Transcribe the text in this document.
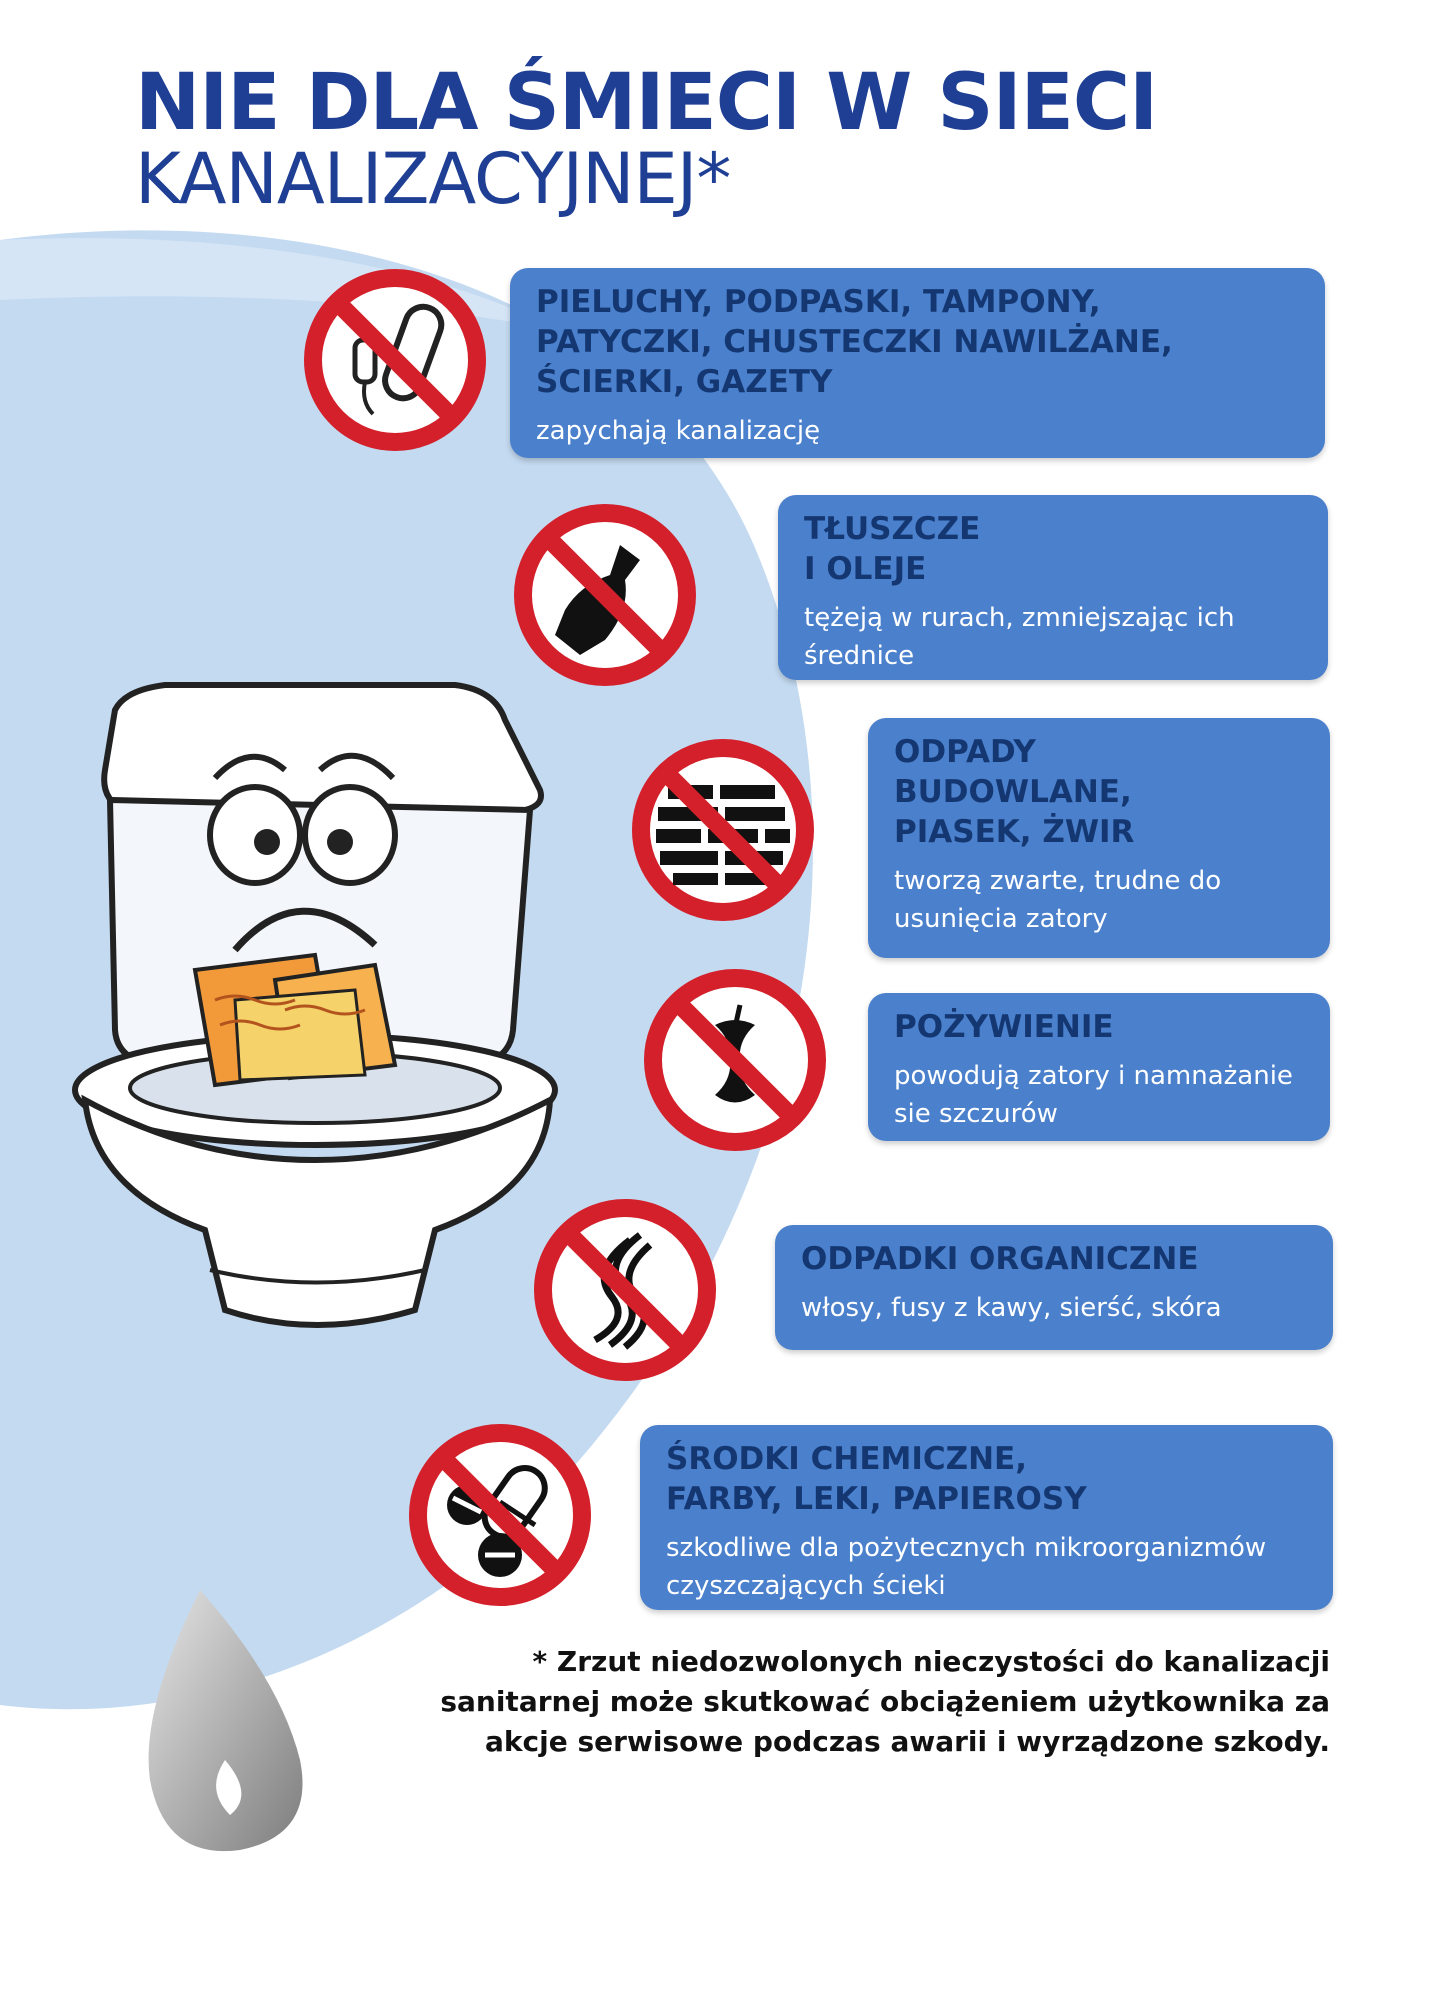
NIE DLA ŚMIECI W SIECI
KANALIZACYJNEJ*
PIELUCHY, PODPASKI, TAMPONY,
PATYCZKI, CHUSTECZKI NAWILŻANE,
ŚCIERKI, GAZETY
zapychają kanalizację
TŁUSZCZE
I OLEJE
tężeją w rurach, zmniejszając ich
średnice
ODPADY
BUDOWLANE,
PIASEK, ŻWIR
tworzą zwarte, trudne do
usunięcia zatory
POŻYWIENIE
powodują zatory i namnażanie
sie szczurów
ODPADKI ORGANICZNE
włosy, fusy z kawy, sierść, skóra
ŚRODKI CHEMICZNE,
FARBY, LEKI, PAPIEROSY
szkodliwe dla pożytecznych mikroorganizmów
czyszczających ścieki

* Zrzut niedozwolonych nieczystości do kanalizacji
sanitarnej może skutkować obciążeniem użytkownika za
akcje serwisowe podczas awarii i wyrządzone szkody.
